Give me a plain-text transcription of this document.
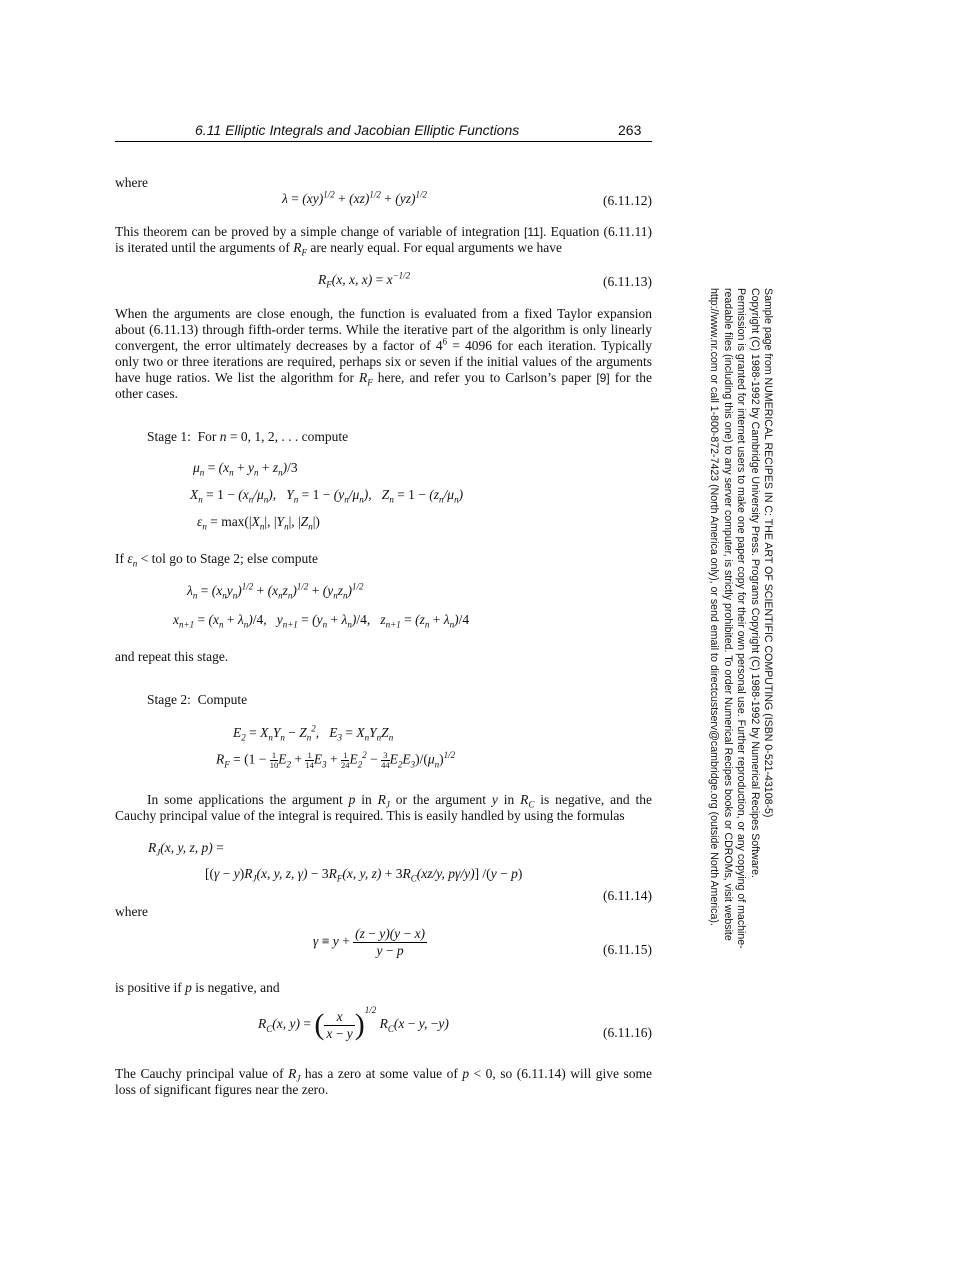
6.11 Elliptic Integrals and Jacobian Elliptic Functions	263
where
λ = (xy)$^{1/2}$ + (xz)$^{1/2}$ + (yz)$^{1/2}$	(6.11.12)
This theorem can be proved by a simple change of variable of integration [11]. Equation (6.11.11) is iterated until the arguments of $R_F$ are nearly equal. For equal arguments we have
$R_F(x$, x, $x) = x^{-1/2}$	(6.11.13)
When the arguments are close enough, the function is evaluated from a fixed Taylor expansion about (6.11.13) through fifth-order terms. While the iterative part of the algorithm is only linearly convergent, the error ultimately decreases by a factor of $4^6 = 4096$ for each iteration. Typically only two or three iterations are required, perhaps six or seven if the initial values of the arguments have huge ratios. We list the algorithm for $R_F$ here, and refer you to Carlson’s paper [9] for the other cases.
Stage 1:  For n = 0, 1, 2, . . . compute
$\mu_n = (x_n + y_n + z_n)/3$
$X_n = 1 - (x_n/\mu_n)$,   $Y_n = 1 - (y_n/\mu_n)$,   $Z_n = 1 - (z_n/\mu_n)$
$\varepsilon_n = \max(|X_n|$, $|Y_n|$, $|Z_n|$)
If $\varepsilon_n$ < tol go to Stage 2; else compute
$\lambda_n = (x_ny_n)^{1/2} + (x_nz_n)^{1/2} + (y_nz_n)^{1/2}$
$x_{n+1} = (x_n + \lambda_n)/4$,   $y_{n+1} = (y_n + \lambda_n)/4$,   $z_{n+1} = (z_n + \lambda_n)/4$
and repeat this stage.
Stage 2:  Compute
$E_2 = X_nY_n - Z_n^2$,   $E_3 = X_nY_nZ_n$
$R_F = (1 - \frac{1}{10} E_2 + \frac{1}{14} E_3 + \frac{1}{24} E_2^2 - \frac{3}{44} E_2E_3)/(\mu_n)^{1/2}$
In some applications the argument p in $R_J$ or the argument y in $R_C$ is negative, and the Cauchy principal value of the integral is required. This is easily handled by using the formulas
$R_J(x$, y, z, p) =
[$(\gamma - y)R_J(x$, y, z, $\gamma) - 3R_F(x$, y, $z) + 3R_C(xz/y$, pγ/y)] /(y − p)
(6.11.14)
where
$\gamma \equiv y + \frac{(z - y)(y - x)}{y - p}$	(6.11.15)
is positive if p is negative, and
$R_C(x$, y) = ( $\frac{x}{x - y} )^{1/2}$ $R_C(x - y$, −y)
(6.11.16)
The Cauchy principal value of $R_J$ has a zero at some value of p < 0, so (6.11.14) will give some loss of significant figures near the zero.
Sample page from NUMERICAL RECIPES IN C: THE ART OF SCIENTIFIC COMPUTING (ISBN 0-521-43108-5)
Copyright (C) 1988-1992 by Cambridge University Press. Programs Copyright (C) 1988-1992 by Numerical Recipes Software.
Permission is granted for internet users to make one paper copy for their own personal use. Further reproduction, or any copying of machine-
readable files (including this one) to any server computer, is strictly prohibited. To order Numerical Recipes books or CDROMs, visit website
http://www.nr.com or call 1-800-872-7423 (North America only), or send email to directcustserv@cambridge.org (outside North America).
